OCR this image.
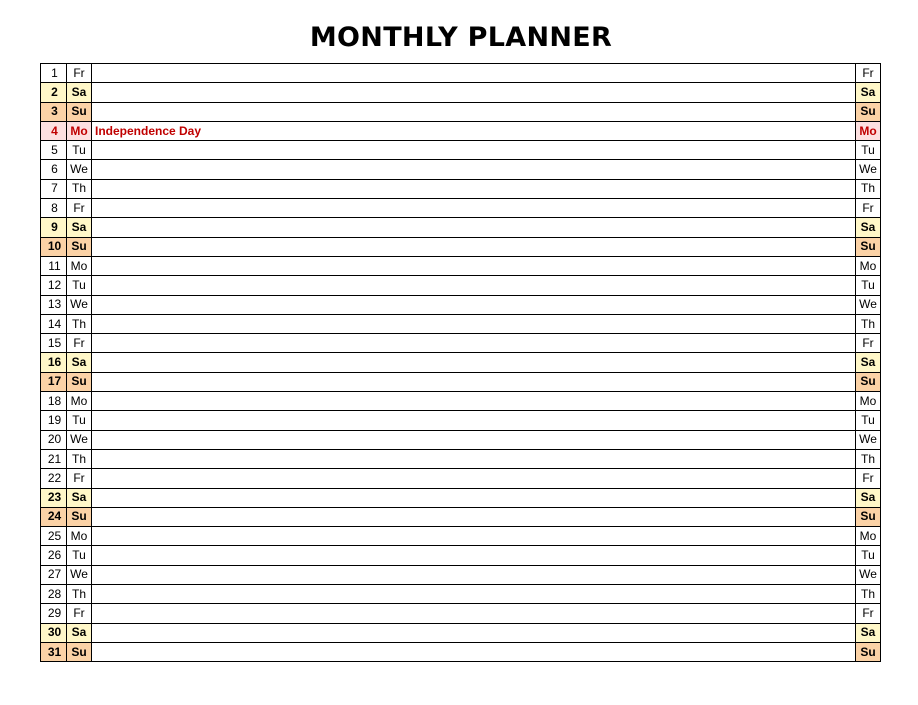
MONTHLY PLANNER
1	Fr		Fr
2	Sa		Sa
3	Su		Su
4	Mo	Independence Day	Mo
5	Tu		Tu
6	We		We
7	Th		Th
8	Fr		Fr
9	Sa		Sa
10	Su		Su
11	Mo		Mo
12	Tu		Tu
13	We		We
14	Th		Th
15	Fr		Fr
16	Sa		Sa
17	Su		Su
18	Mo		Mo
19	Tu		Tu
20	We		We
21	Th		Th
22	Fr		Fr
23	Sa		Sa
24	Su		Su
25	Mo		Mo
26	Tu		Tu
27	We		We
28	Th		Th
29	Fr		Fr
30	Sa		Sa
31	Su		Su
